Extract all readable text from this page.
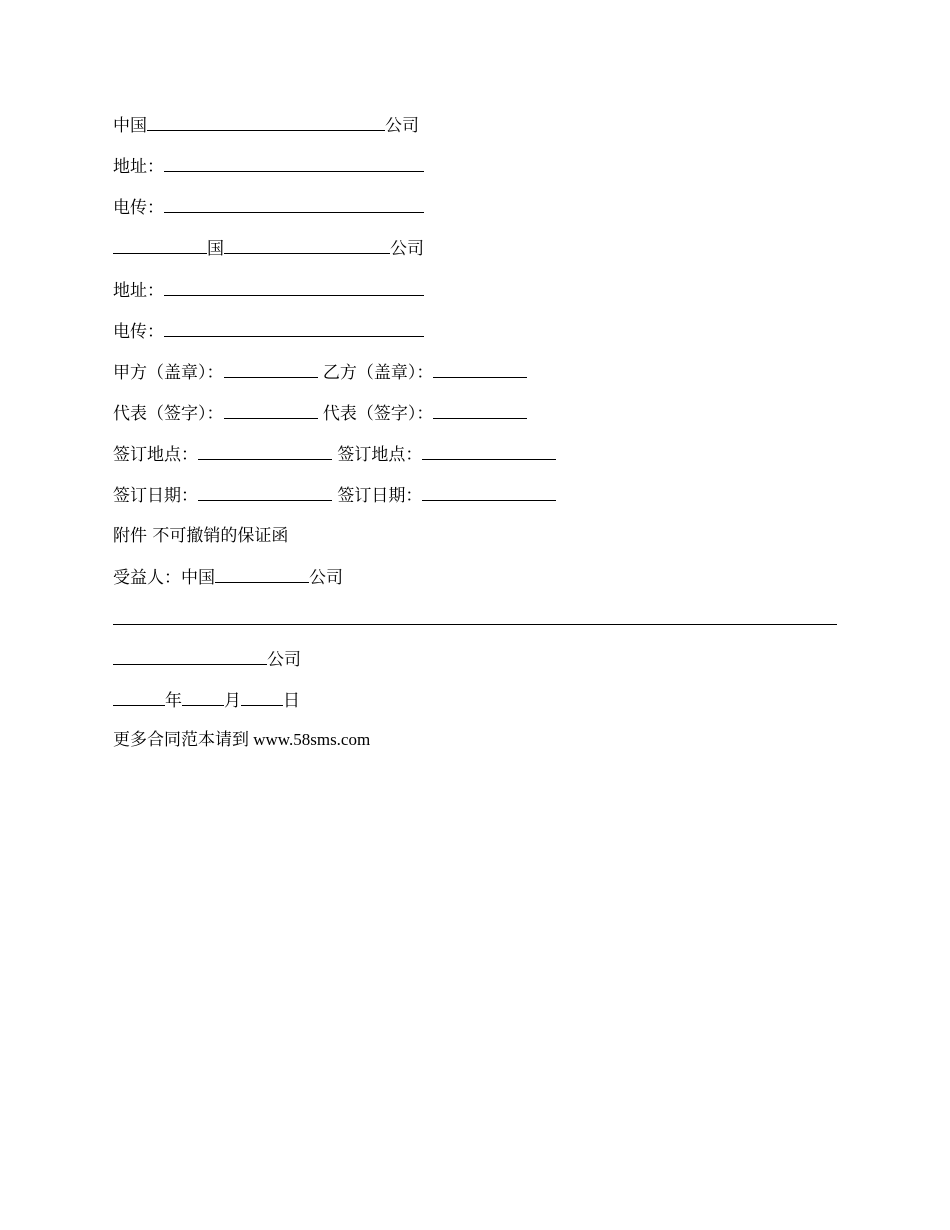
中国	公司
地址：
电传：
国	公司
地址：
电传：
甲方（盖章）：	乙方（盖章）：
代表（签字）：	代表（签字）：
签订地点：	签订地点：
签订日期：	签订日期：
附件 不可撤销的保证函
受益人：中国	公司
公司
年 月 日
更多合同范本请到 www.58sms.com
